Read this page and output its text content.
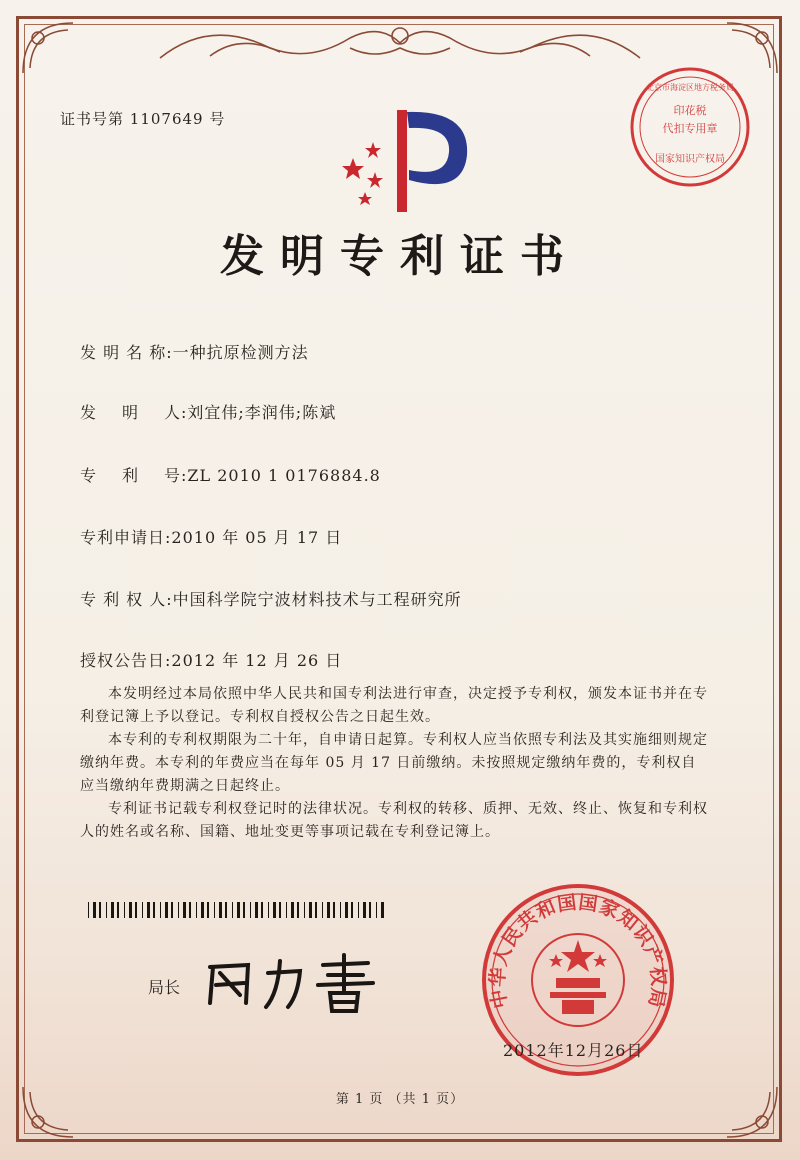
证书号第 1107649 号	印花税
代扣专用章
国家知识产权局
北京市海淀区地方税务局
发明专利证书
发 明 名 称:一种抗原检测方法
发 明 人:刘宜伟;李润伟;陈斌
专 利 号:ZL 2010 1 0176884.8
专利申请日:2010 年 05 月 17 日
专 利 权 人:中国科学院宁波材料技术与工程研究所
授权公告日:2012 年 12 月 26 日

本发明经过本局依照中华人民共和国专利法进行审查，决定授予专利权，颁发本证书并在专利登记簿上予以登记。专利权自授权公告之日起生效。

本专利的专利权期限为二十年，自申请日起算。专利权人应当依照专利法及其实施细则规定缴纳年费。本专利的年费应当在每年 05 月 17 日前缴纳。未按照规定缴纳年费的，专利权自应当缴纳年费期满之日起终止。

专利证书记载专利权登记时的法律状况。专利权的转移、质押、无效、终止、恢复和专利权人的姓名或名称、国籍、地址变更等事项记载在专利登记簿上。

局长	中华人民共和国国家知识产权局
2012年12月26日
第 1 页 （共 1 页）
